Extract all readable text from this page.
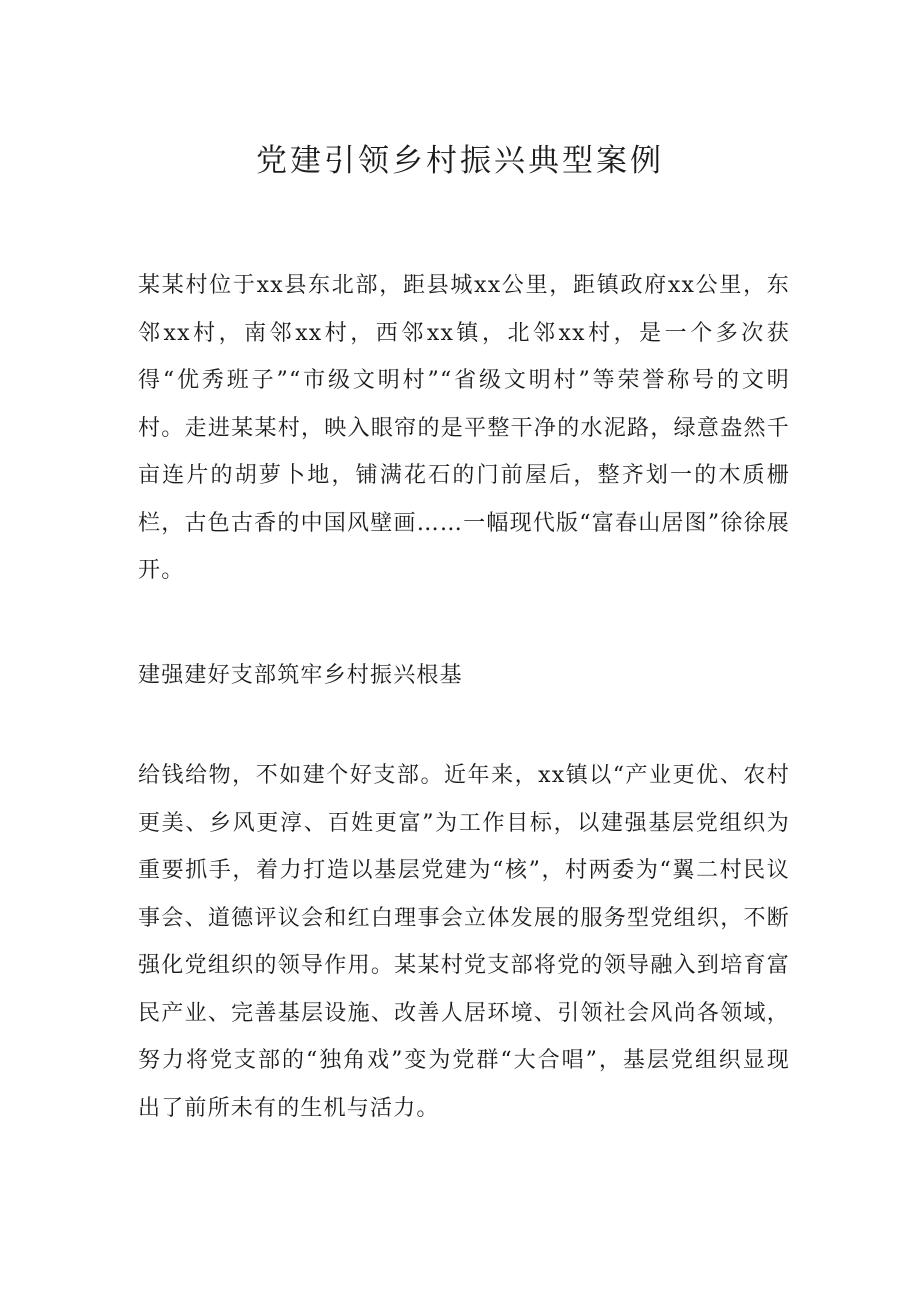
党建引领乡村振兴典型案例

某某村位于xx县东北部，距县城xx公里，距镇政府xx公里，东邻xx村，南邻xx村，西邻xx镇，北邻xx村，是一个多次获得“优秀班子”“市级文明村”“省级文明村”等荣誉称号的文明村。走进某某村，映入眼帘的是平整干净的水泥路，绿意盎然千亩连片的胡萝卜地，铺满花石的门前屋后，整齐划一的木质栅栏，古色古香的中国风壁画……一幅现代版“富春山居图”徐徐展开。

建强建好支部筑牢乡村振兴根基

给钱给物，不如建个好支部。近年来，xx镇以“产业更优、农村更美、乡风更淳、百姓更富”为工作目标，以建强基层党组织为重要抓手，着力打造以基层党建为“核”，村两委为“翼二村民议事会、道德评议会和红白理事会立体发展的服务型党组织，不断强化党组织的领导作用。某某村党支部将党的领导融入到培育富民产业、完善基层设施、改善人居环境、引领社会风尚各领域，努力将党支部的“独角戏”变为党群“大合唱”，基层党组织显现出了前所未有的生机与活力。
